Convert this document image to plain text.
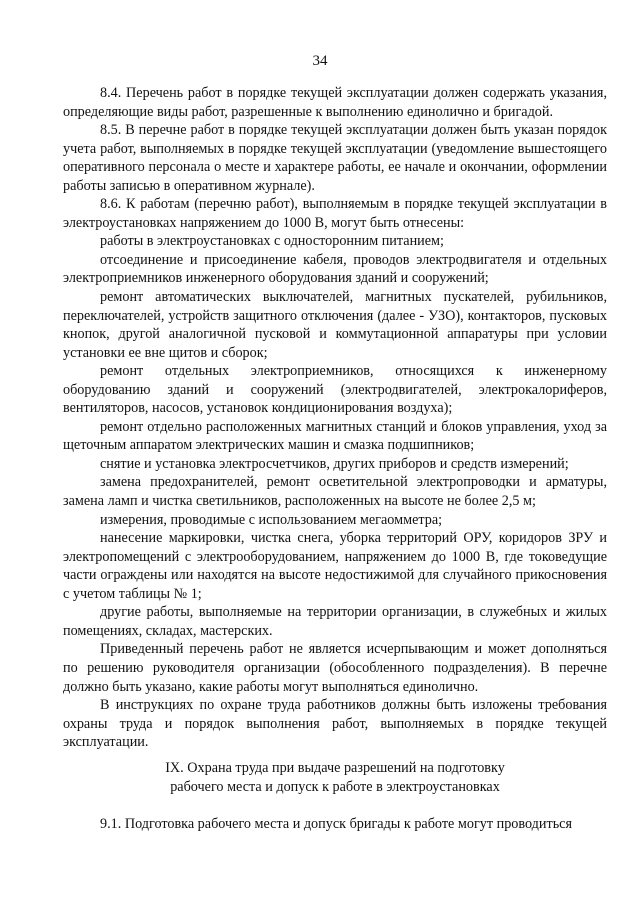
34

8.4. Перечень работ в порядке текущей эксплуатации должен содержать указания, определяющие виды работ, разрешенные к выполнению единолично и бригадой.

8.5. В перечне работ в порядке текущей эксплуатации должен быть указан порядок учета работ, выполняемых в порядке текущей эксплуатации (уведомление вышестоящего оперативного персонала о месте и характере работы, ее начале и окончании, оформлении работы записью в оперативном журнале).

8.6. К работам (перечню работ), выполняемым в порядке текущей эксплуатации в электроустановках напряжением до 1000 В, могут быть отнесены:

работы в электроустановках с односторонним питанием;

отсоединение и присоединение кабеля, проводов электродвигателя и отдельных электроприемников инженерного оборудования зданий и сооружений;

ремонт автоматических выключателей, магнитных пускателей, рубильников, переключателей, устройств защитного отключения (далее - УЗО), контакторов, пусковых кнопок, другой аналогичной пусковой и коммутационной аппаратуры при условии установки ее вне щитов и сборок;

ремонт отдельных электроприемников, относящихся к инженерному оборудованию зданий и сооружений (электродвигателей, электрокалориферов, вентиляторов, насосов, установок кондиционирования воздуха);

ремонт отдельно расположенных магнитных станций и блоков управления, уход за щеточным аппаратом электрических машин и смазка подшипников;

снятие и установка электросчетчиков, других приборов и средств измерений;

замена предохранителей, ремонт осветительной электропроводки и арматуры, замена ламп и чистка светильников, расположенных на высоте не более 2,5 м;

измерения, проводимые с использованием мегаомметра;

нанесение маркировки, чистка снега, уборка территорий ОРУ, коридоров ЗРУ и электропомещений с электрооборудованием, напряжением до 1000 В, где токоведущие части ограждены или находятся на высоте недостижимой для случайного прикосновения с учетом таблицы № 1;

другие работы, выполняемые на территории организации, в служебных и жилых помещениях, складах, мастерских.

Приведенный перечень работ не является исчерпывающим и может дополняться по решению руководителя организации (обособленного подразделения). В перечне должно быть указано, какие работы могут выполняться единолично.

В инструкциях по охране труда работников должны быть изложены требования охраны труда и порядок выполнения работ, выполняемых в порядке текущей эксплуатации.

IX. Охрана труда при выдаче разрешений на подготовку
рабочего места и допуск к работе в электроустановках

9.1. Подготовка рабочего места и допуск бригады к работе могут проводиться
